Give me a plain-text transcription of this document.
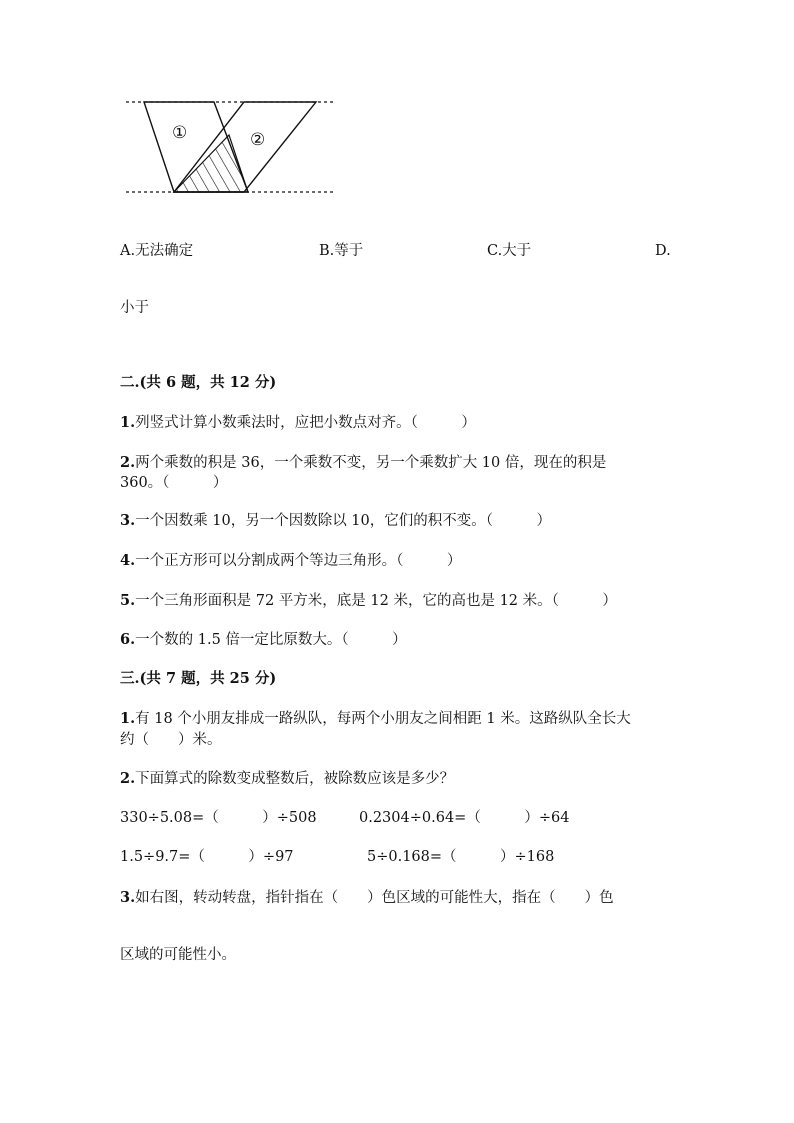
①	②
A.无法确定	B.等于	C.大于	D.
小于
二.(共 6 题，共 12 分)
1.列竖式计算小数乘法时，应把小数点对齐。（　　　）
2.两个乘数的积是 36，一个乘数不变，另一个乘数扩大 10 倍，现在的积是
360。（　　　）
3.一个因数乘 10，另一个因数除以 10，它们的积不变。（　　　）
4.一个正方形可以分割成两个等边三角形。（　　　）
5.一个三角形面积是 72 平方米，底是 12 米，它的高也是 12 米。（　　　）
6.一个数的 1.5 倍一定比原数大。（　　　）
三.(共 7 题，共 25 分)
1.有 18 个小朋友排成一路纵队，每两个小朋友之间相距 1 米。这路纵队全长大
约（　　）米。
2.下面算式的除数变成整数后，被除数应该是多少？
330÷5.08=（　　　）÷508	0.2304÷0.64=（　　　）÷64
1.5÷9.7=（　　　）÷97	5÷0.168=（　　　）÷168
3.如右图，转动转盘，指针指在（　　）色区域的可能性大，指在（　　）色
区域的可能性小。
